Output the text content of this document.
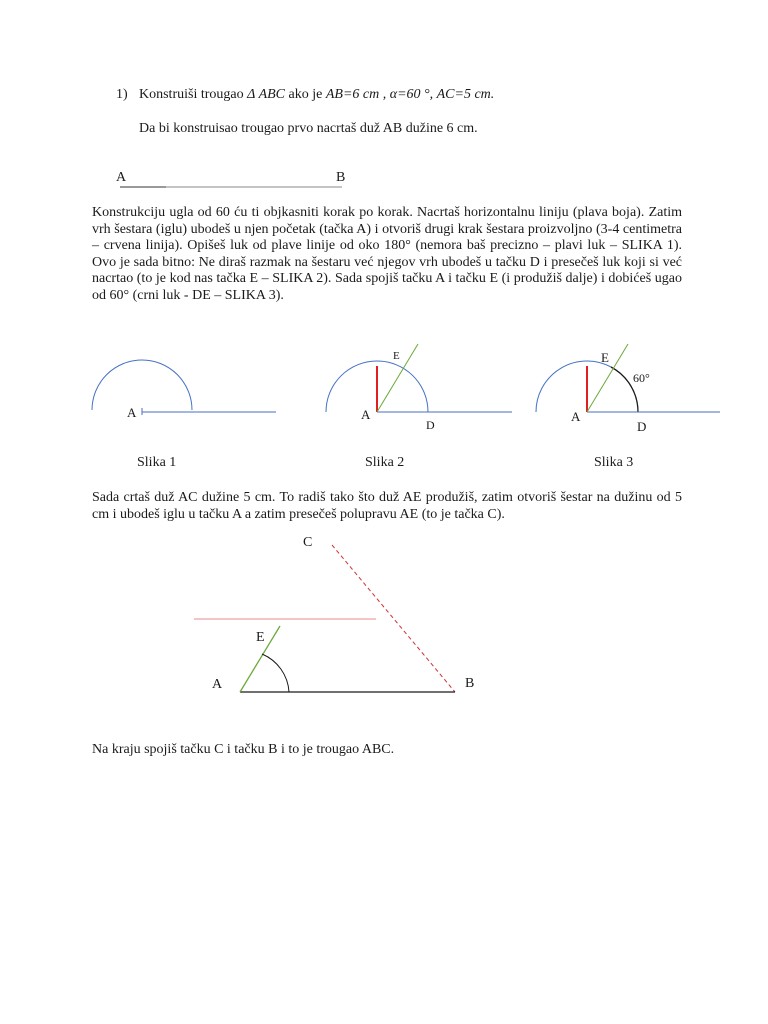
1) Konstruiši trougao Δ ABC ako je AB=6 cm , α=60 °, AC=5 cm.
Da bi konstruisao trougao prvo nacrtaš duž AB dužine 6 cm.
A	B
Konstrukciju ugla od 60 ću ti objkasniti korak po korak. Nacrtaš horizontalnu liniju (plava boja). Zatim vrh šestara (iglu) ubodeš u njen početak (tačka A) i otvoriš drugi krak šestara proizvoljno (3-4 centimetra – crvena linija). Opišeš luk od plave linije od oko 180° (nemora baš precizno – plavi luk – SLIKA 1). Ovo je sada bitno: Ne diraš razmak na šestaru već njegov vrh ubodeš u tačku D i presečeš luk koji si već nacrtao (to je kod nas tačka E – SLIKA 2). Sada spojiš tačku A i tačku E (i produžiš dalje) i dobićeš ugao od 60° (crni luk - DE – SLIKA 3).
A
E
A
D
E
60°
A
D
Slika 1	Slika 2	Slika 3
Sada crtaš duž AC dužine 5 cm. To radiš tako što duž AE produžiš, zatim otvoriš šestar na dužinu od 5 cm i ubodeš iglu u tačku A a zatim presečeš polupravu AE (to je tačka C).
C
E
A	B
Na kraju spojiš tačku C i tačku B i to je trougao ABC.
